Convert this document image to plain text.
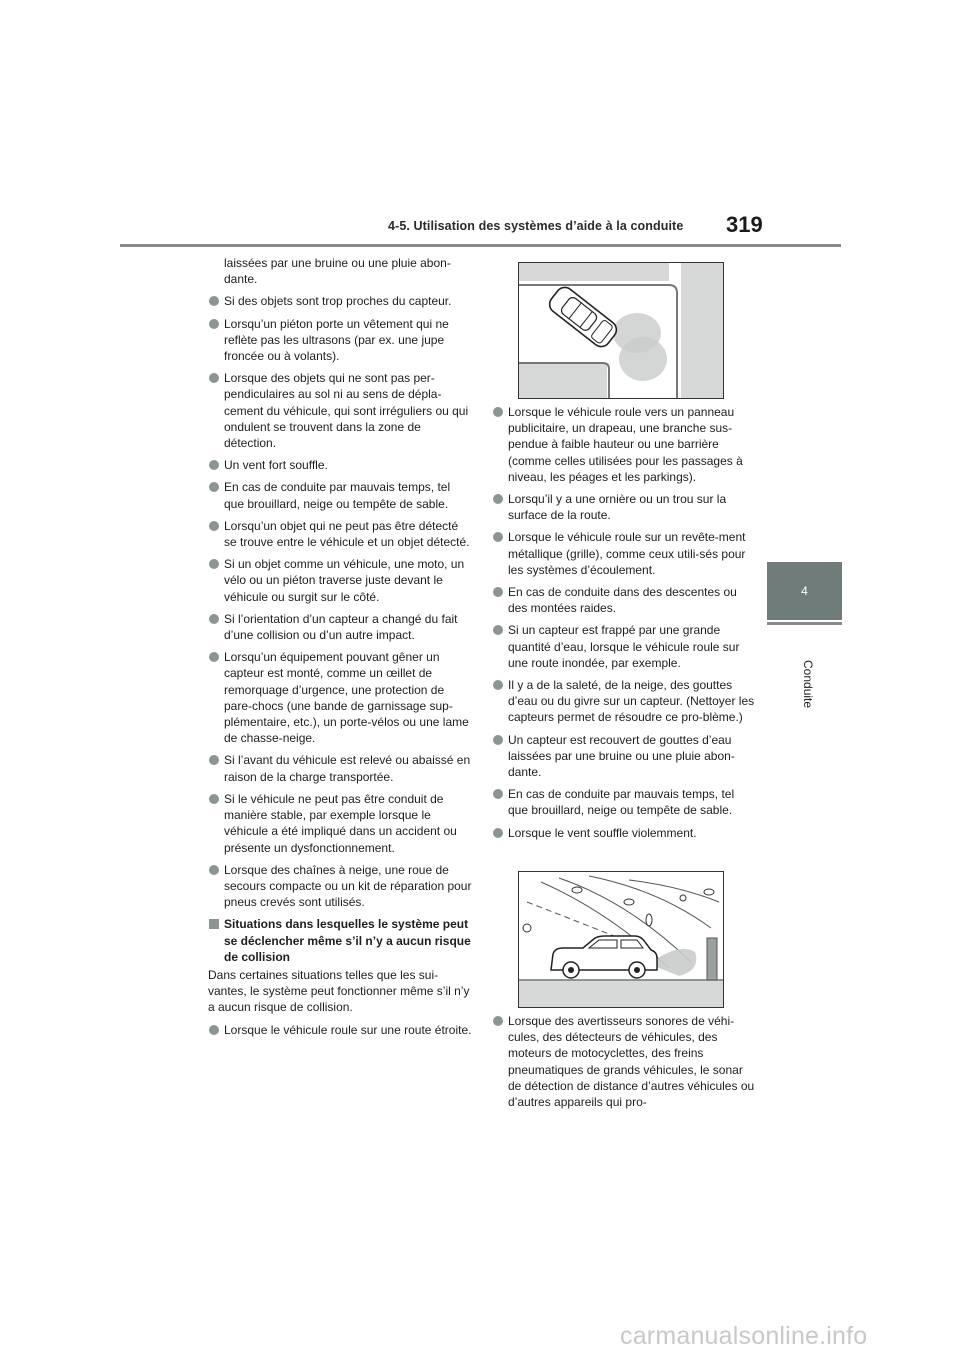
4-5. Utilisation des systèmes d’aide à la conduite	319
4
Conduite

laissées par une bruine ou une pluie abon-dante.

Si des objets sont trop proches du capteur.

Lorsqu’un piéton porte un vêtement qui ne reflète pas les ultrasons (par ex. une jupe froncée ou à volants).

Lorsque des objets qui ne sont pas per-pendiculaires au sol ni au sens de dépla-cement du véhicule, qui sont irréguliers ou qui ondulent se trouvent dans la zone de détection.

Un vent fort souffle.

En cas de conduite par mauvais temps, tel que brouillard, neige ou tempête de sable.

Lorsqu’un objet qui ne peut pas être détecté se trouve entre le véhicule et un objet détecté.

Si un objet comme un véhicule, une moto, un vélo ou un piéton traverse juste devant le véhicule ou surgit sur le côté.

Si l’orientation d’un capteur a changé du fait d’une collision ou d’un autre impact.

Lorsqu’un équipement pouvant gêner un capteur est monté, comme un œillet de remorquage d’urgence, une protection de pare-chocs (une bande de garnissage sup-plémentaire, etc.), un porte-vélos ou une lame de chasse-neige.

Si l’avant du véhicule est relevé ou abaissé en raison de la charge transportée.

Si le véhicule ne peut pas être conduit de manière stable, par exemple lorsque le véhicule a été impliqué dans un accident ou présente un dysfonctionnement.

Lorsque des chaînes à neige, une roue de secours compacte ou un kit de réparation pour pneus crevés sont utilisés.

Situations dans lesquelles le système peut se déclencher même s’il n’y a aucun risque de collision

Dans certaines situations telles que les sui-vantes, le système peut fonctionner même s’il n’y a aucun risque de collision.

Lorsque le véhicule roule sur une route étroite.

Lorsque le véhicule roule vers un panneau publicitaire, un drapeau, une branche sus-pendue à faible hauteur ou une barrière (comme celles utilisées pour les passages à niveau, les péages et les parkings).

Lorsqu’il y a une ornière ou un trou sur la surface de la route.

Lorsque le véhicule roule sur un revête-ment métallique (grille), comme ceux utili-sés pour les systèmes d’écoulement.

En cas de conduite dans des descentes ou des montées raides.

Si un capteur est frappé par une grande quantité d’eau, lorsque le véhicule roule sur une route inondée, par exemple.

Il y a de la saleté, de la neige, des gouttes d’eau ou du givre sur un capteur. (Nettoyer les capteurs permet de résoudre ce pro-blème.)

Un capteur est recouvert de gouttes d’eau laissées par une bruine ou une pluie abon-dante.

En cas de conduite par mauvais temps, tel que brouillard, neige ou tempête de sable.

Lorsque le vent souffle violemment.

Lorsque des avertisseurs sonores de véhi-cules, des détecteurs de véhicules, des moteurs de motocyclettes, des freins pneumatiques de grands véhicules, le sonar de détection de distance d’autres véhicules ou d’autres appareils qui pro-

carmanualsonline.info
